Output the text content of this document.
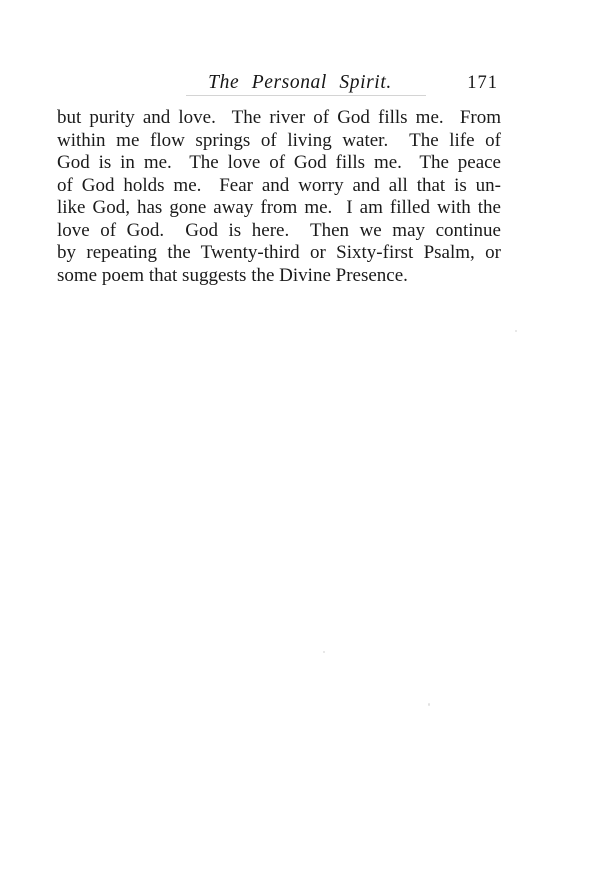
The Personal Spirit.	171
but purity and love.  The river of God fills me.  From
within me flow springs of living water.  The life of
God is in me.  The love of God fills me.  The peace
of God holds me.  Fear and worry and all that is un-
like God, has gone away from me.  I am filled with the
love of God.  God is here.  Then we may continue
by repeating the Twenty-third or Sixty-first Psalm, or
some poem that suggests the Divine Presence.
